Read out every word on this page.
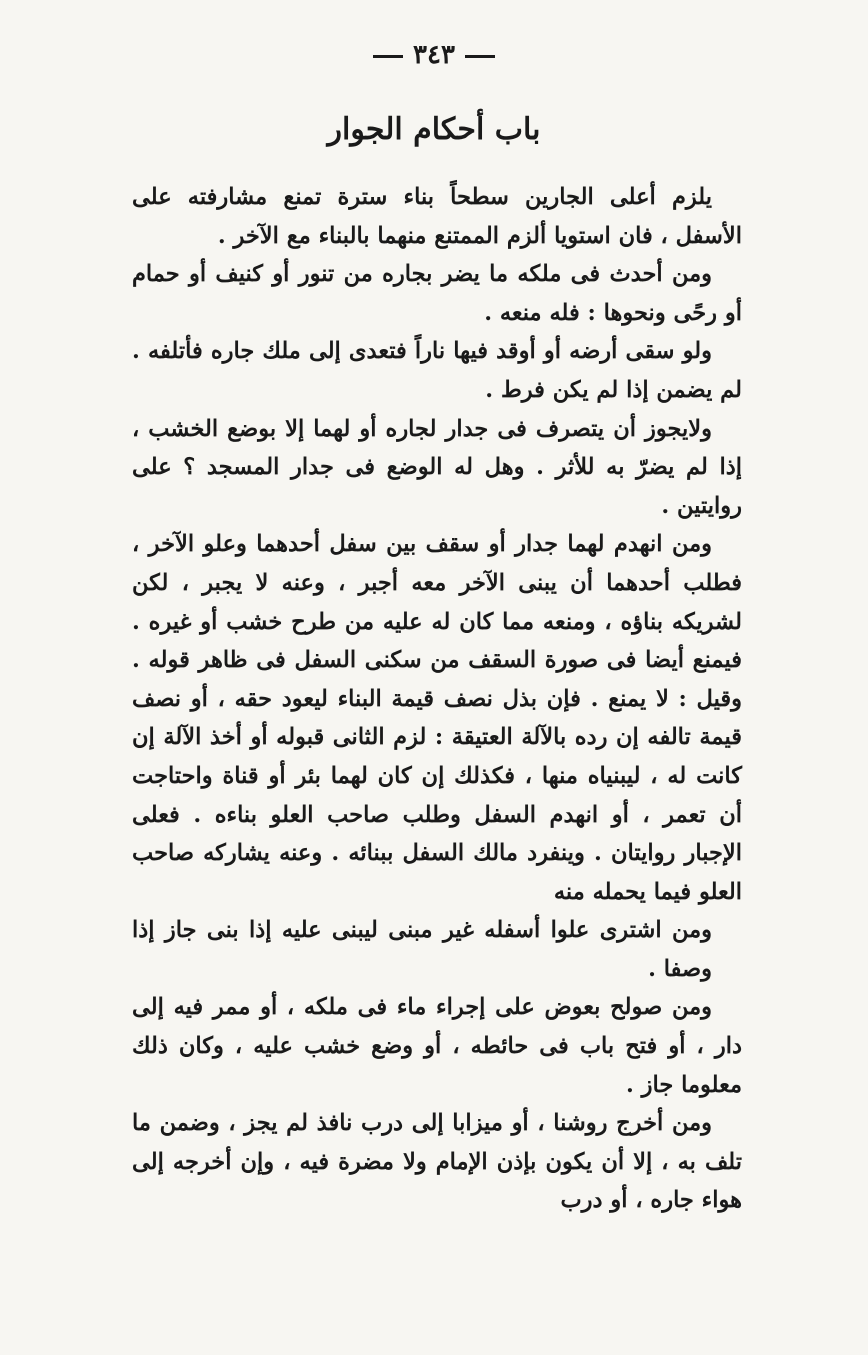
٣٤٣
باب أحكام الجوار

يلزم أعلى الجارين سطحاً بناء سترة تمنع مشارفته على الأسفل ، فان استويا ألزم الممتنع منهما بالبناء مع الآخر .

ومن أحدث فى ملكه ما يضر بجاره من تنور أو كنيف أو حمام أو رحًى ونحوها : فله منعه .

ولو سقى أرضه أو أوقد فيها ناراً فتعدى إلى ملك جاره فأتلفه . لم يضمن إذا لم يكن فرط .

ولايجوز أن يتصرف فى جدار لجاره أو لهما إلا بوضع الخشب ، إذا لم يضرّ به للأثر . وهل له الوضع فى جدار المسجد ؟ على روايتين .

ومن انهدم لهما جدار أو سقف بين سفل أحدهما وعلو الآخر ، فطلب أحدهما أن يبنى الآخر معه أجبر ، وعنه لا يجبر ، لكن لشريكه بناؤه ، ومنعه مما كان له عليه من طرح خشب أو غيره . فيمنع أيضا فى صورة السقف من سكنى السفل فى ظاهر قوله . وقيل : لا يمنع . فإن بذل نصف قيمة البناء ليعود حقه ، أو نصف قيمة تالفه إن رده بالآلة العتيقة : لزم الثانى قبوله أو أخذ الآلة إن كانت له ، ليبنياه منها ، فكذلك إن كان لهما بئر أو قناة واحتاجت أن تعمر ، أو انهدم السفل وطلب صاحب العلو بناءه . فعلى الإجبار روايتان . وينفرد مالك السفل ببنائه . وعنه يشاركه صاحب العلو فيما يحمله منه

ومن اشترى علوا أسفله غير مبنى ليبنى عليه إذا بنى جاز إذا وصفا .

ومن صولح بعوض على إجراء ماء فى ملكه ، أو ممر فيه إلى دار ، أو فتح باب فى حائطه ، أو وضع خشب عليه ، وكان ذلك معلوما جاز .

ومن أخرج روشنا ، أو ميزابا إلى درب نافذ لم يجز ، وضمن ما تلف به ، إلا أن يكون بإذن الإمام ولا مضرة فيه ، وإن أخرجه إلى هواء جاره ، أو درب
